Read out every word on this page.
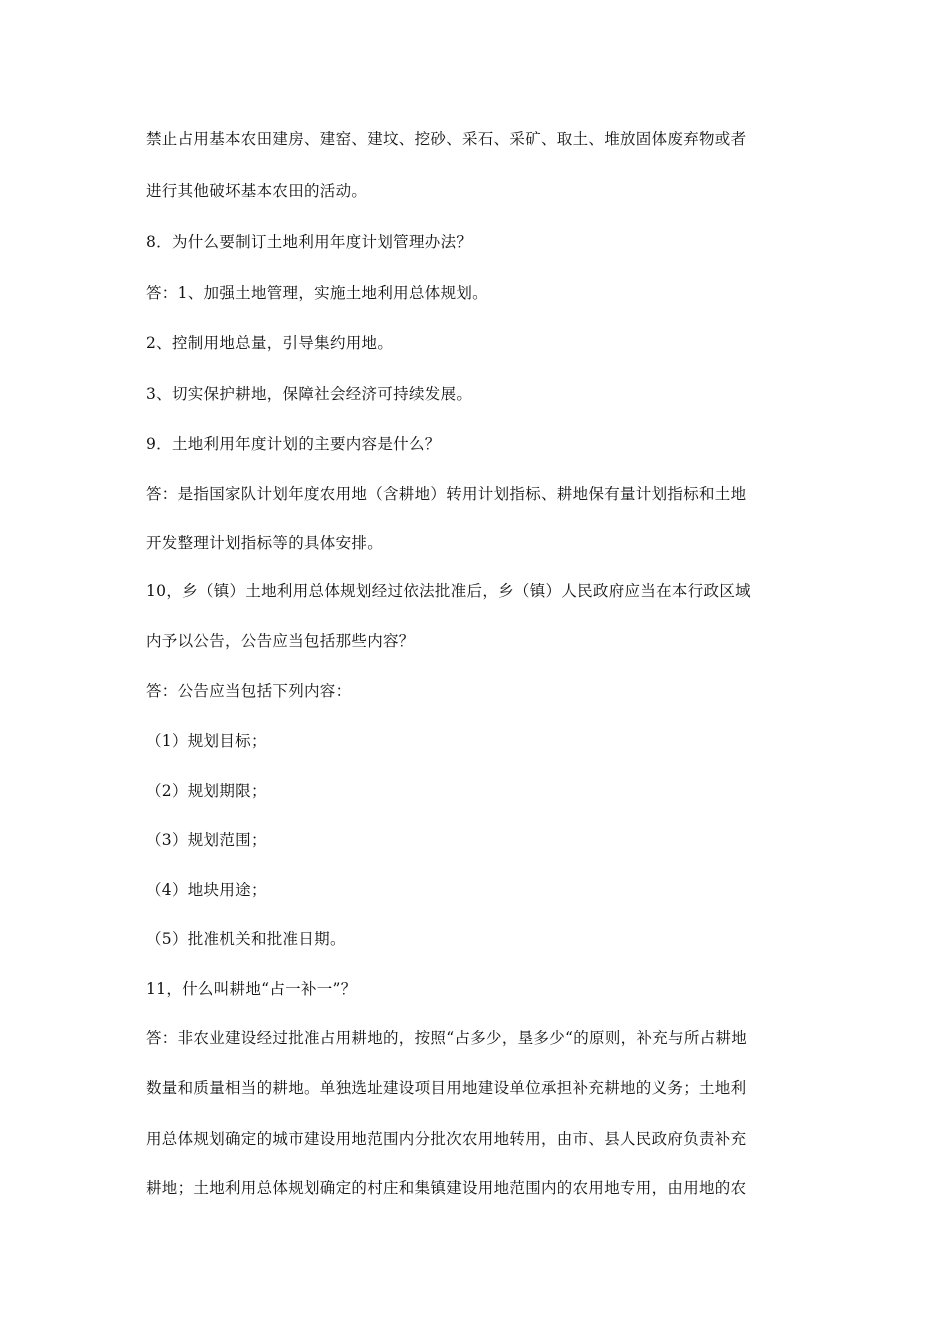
禁止占用基本农田建房、建窑、建坟、挖砂、采石、采矿、取土、堆放固体废弃物或者
进行其他破坏基本农田的活动。
8．为什么要制订土地利用年度计划管理办法？
答：1、加强土地管理，实施土地利用总体规划。
2、控制用地总量，引导集约用地。
3、切实保护耕地，保障社会经济可持续发展。
9．土地利用年度计划的主要内容是什么？
答：是指国家队计划年度农用地（含耕地）转用计划指标、耕地保有量计划指标和土地
开发整理计划指标等的具体安排。
10，乡（镇）土地利用总体规划经过依法批准后，乡（镇）人民政府应当在本行政区域
内予以公告，公告应当包括那些内容？
答：公告应当包括下列内容：
（1）规划目标；
（2）规划期限；
（3）规划范围；
（4）地块用途；
（5）批准机关和批准日期。
11，什么叫耕地“占一补一”？
答：非农业建设经过批准占用耕地的，按照“占多少，垦多少“的原则，补充与所占耕地
数量和质量相当的耕地。单独选址建设项目用地建设单位承担补充耕地的义务；土地利
用总体规划确定的城市建设用地范围内分批次农用地转用，由市、县人民政府负责补充
耕地；土地利用总体规划确定的村庄和集镇建设用地范围内的农用地专用，由用地的农
